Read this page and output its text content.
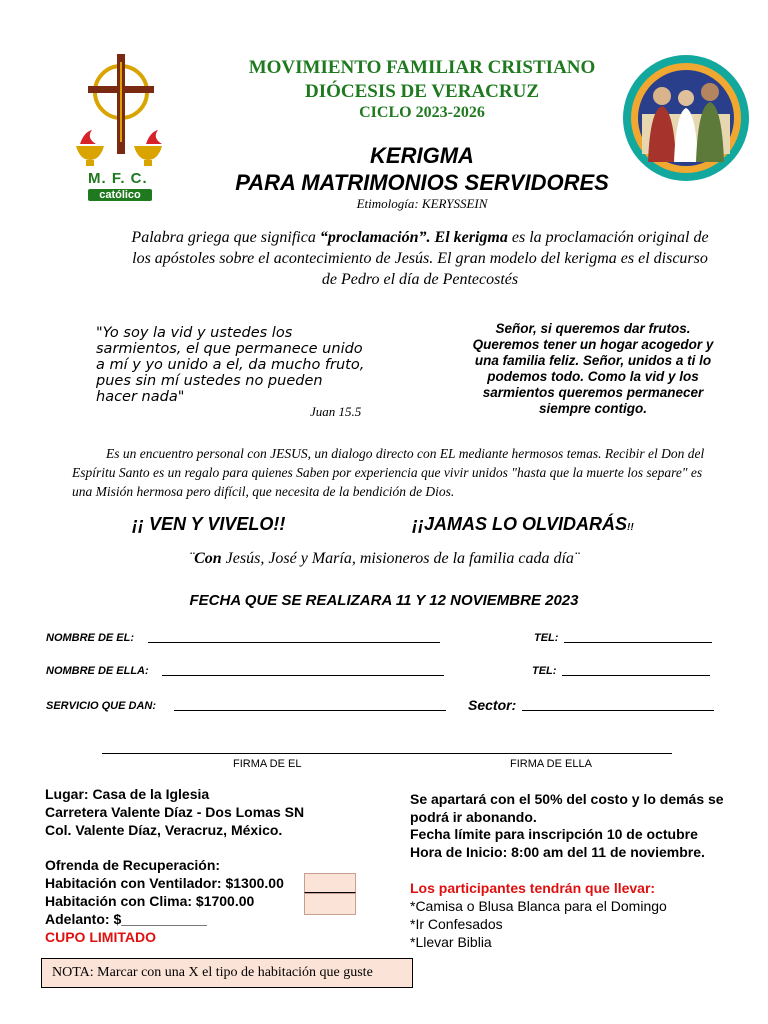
M. F. C.
católico
MOVIMIENTO FAMILIAR CRISTIANO
DIÓCESIS DE VERACRUZ
CICLO 2023-2026
KERIGMA
PARA MATRIMONIOS SERVIDORES
Etimología: KERYSSEIN
Palabra griega que significa “proclamación”. El kerigma es la proclamación original de los apóstoles sobre el acontecimiento de Jesús. El gran modelo del kerigma es el discurso de Pedro el día de Pentecostés
"Yo soy la vid y ustedes los sarmientos, el que permanece unido a mí y yo unido a el, da mucho fruto, pues sin mí ustedes no pueden hacer nada"
Juan 15.5
Señor, si queremos dar frutos. Queremos tener un hogar acogedor y una familia feliz. Señor, unidos a ti lo podemos todo. Como la vid y los sarmientos queremos permanecer siempre contigo.
Es un encuentro personal con JESUS, un dialogo directo con EL mediante hermosos temas. Recibir el Don del Espíritu Santo es un regalo para quienes Saben por experiencia que vivir unidos "hasta que la muerte los separe" es una Misión hermosa pero difícil, que necesita de la bendición de Dios.
¡¡ VEN Y VIVELO!!	¡¡JAMAS LO OLVIDARÁS!!
¨Con Jesús, José y María, misioneros de la familia cada día¨
FECHA QUE SE REALIZARA 11 Y 12 NOVIEMBRE 2023
NOMBRE DE EL:	TEL:
NOMBRE DE ELLA:	TEL:
SERVICIO QUE DAN:	Sector:
FIRMA DE EL	FIRMA DE ELLA
Lugar: Casa de la Iglesia
Carretera Valente Díaz - Dos Lomas SN
Col. Valente Díaz, Veracruz, México.
Ofrenda de Recuperación:
Habitación con Ventilador: $1300.00
Habitación con Clima: $1700.00
Adelanto: $___________
CUPO LIMITADO
Se apartará con el 50% del costo y lo demás se podrá ir abonando.
Fecha límite para inscripción 10 de octubre
Hora de Inicio: 8:00 am del 11 de noviembre.
Los participantes tendrán que llevar:
*Camisa o Blusa Blanca para el Domingo
*Ir Confesados
*Llevar Biblia
NOTA: Marcar con una X el tipo de habitación que guste
